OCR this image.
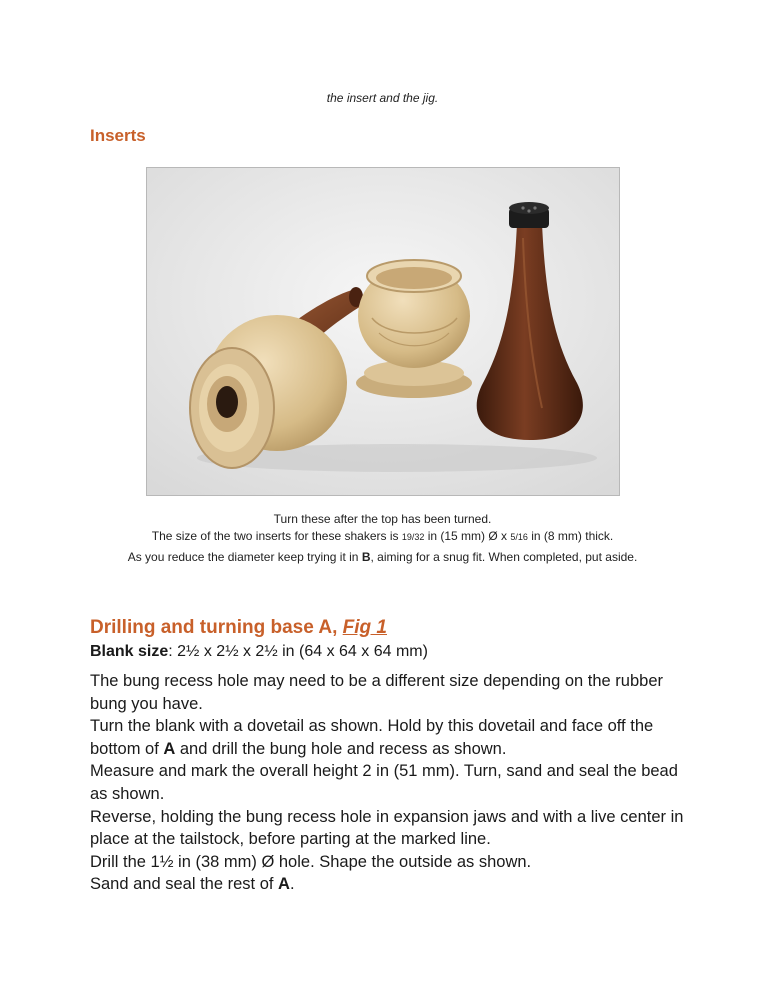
the insert and the jig.
Inserts
Turn these after the top has been turned.
The size of the two inserts for these shakers is 19/32 in (15 mm) Ø x 5/16 in (8 mm) thick.
As you reduce the diameter keep trying it in B, aiming for a snug fit. When completed, put aside.
Drilling and turning base A, Fig 1
Blank size: 2½ x 2½ x 2½ in (64 x 64 x 64 mm)

The bung recess hole may need to be a different size depending on the rubber bung you have.

Turn the blank with a dovetail as shown. Hold by this dovetail and face off the bottom of A and drill the bung hole and recess as shown.

Measure and mark the overall height 2 in (51 mm). Turn, sand and seal the bead as shown.

Reverse, holding the bung recess hole in expansion jaws and with a live center in place at the tailstock, before parting at the marked line.

Drill the 1½ in (38 mm) Ø hole. Shape the outside as shown.

Sand and seal the rest of A.
